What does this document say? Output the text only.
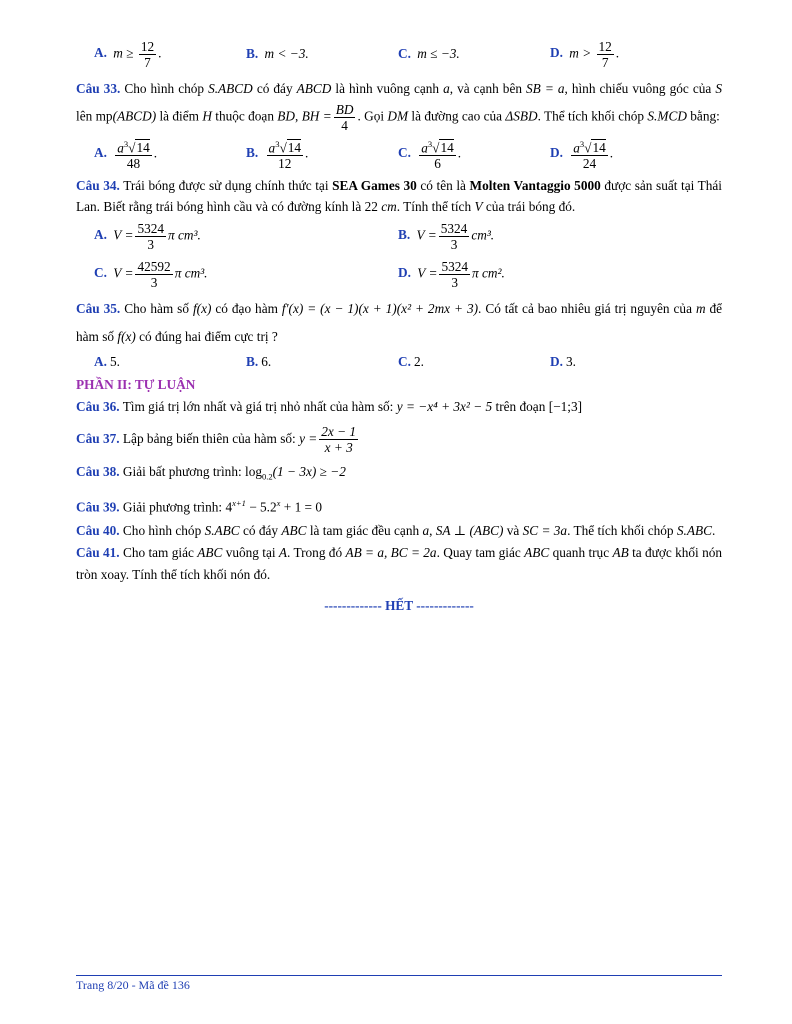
A. $m \ge \frac{12}{7}$ .	B. m < −3.	C. m ≤ −3.	D. $m > \frac{12}{7}$ .
Câu 33. Cho hình chóp S.ABCD có đáy ABCD là hình vuông cạnh a, và cạnh bên SB = a, hình chiếu vuông góc của S lên mp(ABCD) là điểm H thuộc đoạn BD, BH = $\frac{BD}{4}$ . Gọi DM là đường cao của ΔSBD. Thể tích khối chóp S.MCD bằng:
A. $\frac{a^3√14}{48}$ .	B. $\frac{a^3√14}{12}$ .	C. $\frac{a^3√14}{6}$ .	D. $\frac{a^3√14}{24}$ .
Câu 34. Trái bóng được sử dụng chính thức tại SEA Games 30 có tên là Molten Vantaggio 5000 được sản suất tại Thái Lan. Biết rằng trái bóng hình cầu và có đường kính là 22 cm. Tính thể tích V của trái bóng đó.
A. $V = \frac{5324}{3}$ π cm³.	B. $V = \frac{5324}{3} cm^3$.
C. $V = \frac{42592}{3}$ π cm³.	D. $V = \frac{5324}{3}$ π cm².
Câu 35. Cho hàm số f(x) có đạo hàm f′(x) = (x − 1)(x + 1)(x² + 2mx + 3). Có tất cả bao nhiêu giá trị nguyên của m để hàm số f(x) có đúng hai điểm cực trị ?
A. 5.	B. 6.	C. 2.	D. 3.
PHẦN II: TỰ LUẬN
Câu 36. Tìm giá trị lớn nhất và giá trị nhỏ nhất của hàm số: y = −x⁴ + 3x² − 5 trên đoạn [−1;3]
Câu 37. Lập bảng biến thiên của hàm số: $y = \frac{2x - 1}{x + 3}$
Câu 38. Giải bất phương trình: $\log_{0.2}(1 - 3x) \ge -2$
Câu 39. Giải phương trình: $4^{x+1} - 5.2^x + 1 = 0$
Câu 40. Cho hình chóp S.ABC có đáy ABC là tam giác đều cạnh a, SA ⊥ (ABC) và SC = 3a. Thể tích khối chóp S.ABC.
Câu 41. Cho tam giác ABC vuông tại A. Trong đó AB = a, BC = 2a. Quay tam giác ABC quanh trục AB ta được khối nón tròn xoay. Tính thể tích khối nón đó.
------------- HẾT -------------
Trang 8/20 - Mã đề 136
